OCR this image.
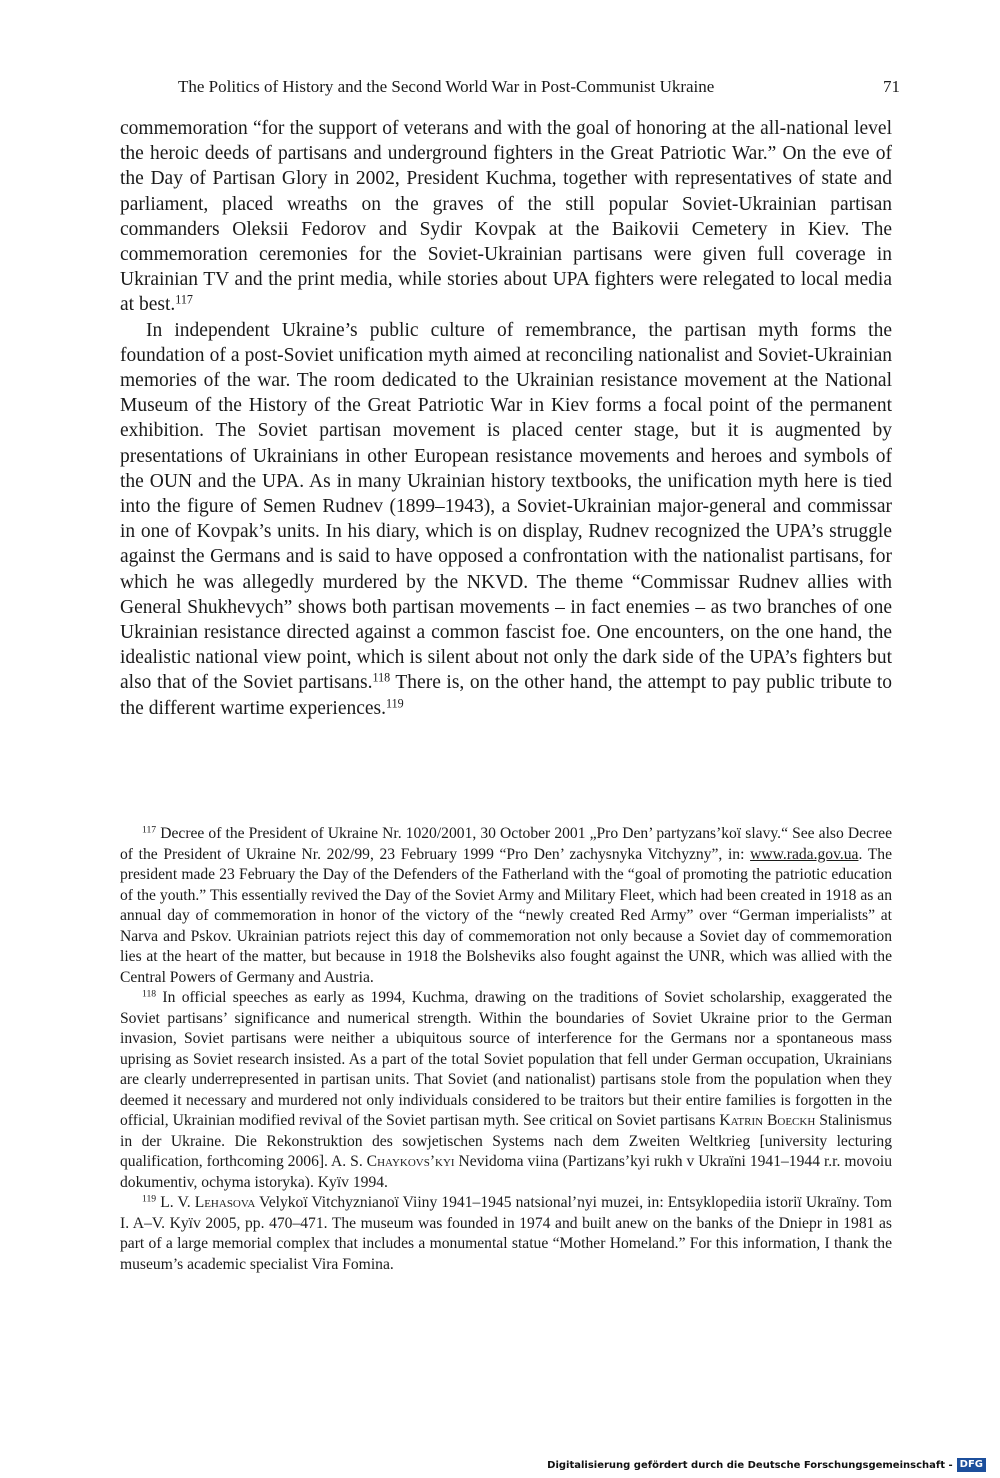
The Politics of History and the Second World War in Post-Communist Ukraine	71

commemoration “for the support of veterans and with the goal of honoring at the all-national level the heroic deeds of partisans and underground fighters in the Great Patriotic War.” On the eve of the Day of Partisan Glory in 2002, President Kuchma, together with representatives of state and parliament, placed wreaths on the graves of the still popular Soviet-Ukrainian partisan commanders Oleksii Fedorov and Sydir Kovpak at the Baikovii Cemetery in Kiev. The commemoration ceremonies for the Soviet-Ukrainian partisans were given full coverage in Ukrainian TV and the print media, while stories about UPA fighters were relegated to local media at best.$^{117}$

In independent Ukraine’s public culture of remembrance, the partisan myth forms the foundation of a post-Soviet unification myth aimed at reconciling nationalist and Soviet-Ukrainian memories of the war. The room dedicated to the Ukrainian resistance movement at the National Museum of the History of the Great Patriotic War in Kiev forms a focal point of the permanent exhibition. The Soviet partisan movement is placed center stage, but it is augmented by presentations of Ukrainians in other European resistance movements and heroes and symbols of the OUN and the UPA. As in many Ukrainian history textbooks, the unification myth here is tied into the figure of Semen Rudnev (1899–1943), a Soviet-Ukrainian major-general and commissar in one of Kovpak’s units. In his diary, which is on display, Rudnev recognized the UPA’s struggle against the Germans and is said to have opposed a confrontation with the nationalist partisans, for which he was allegedly murdered by the NKVD. The theme “Commissar Rudnev allies with General Shukhevych” shows both partisan movements – in fact enemies – as two branches of one Ukrainian resistance directed against a common fascist foe. One encounters, on the one hand, the idealistic national view point, which is silent about not only the dark side of the UPA’s fighters but also that of the Soviet partisans.$^{118}$ There is, on the other hand, the attempt to pay public tribute to the different wartime experiences.$^{119}$

$^{117}$ Decree of the President of Ukraine Nr. 1020/2001, 30 October 2001 „Pro Den’ partyzans’koï slavy.“ See also Decree of the President of Ukraine Nr. 202/99, 23 February 1999 “Pro Den’ zachysnyka Vitchyzny”, in: www.rada.gov.ua. The president made 23 February the Day of the Defenders of the Fatherland with the “goal of promoting the patriotic education of the youth.” This essentially revived the Day of the Soviet Army and Military Fleet, which had been created in 1918 as an annual day of commemoration in honor of the victory of the “newly created Red Army” over “German imperialists” at Narva and Pskov. Ukrainian patriots reject this day of commemoration not only because a Soviet day of commemoration lies at the heart of the matter, but because in 1918 the Bolsheviks also fought against the UNR, which was allied with the Central Powers of Germany and Austria.

$^{118}$ In official speeches as early as 1994, Kuchma, drawing on the traditions of Soviet scholarship, exaggerated the Soviet partisans’ significance and numerical strength. Within the boundaries of Soviet Ukraine prior to the German invasion, Soviet partisans were neither a ubiquitous source of interference for the Germans nor a spontaneous mass uprising as Soviet research insisted. As a part of the total Soviet population that fell under German occupation, Ukrainians are clearly underrepresented in partisan units. That Soviet (and nationalist) partisans stole from the population when they deemed it necessary and murdered not only individuals considered to be traitors but their entire families is forgotten in the official, Ukrainian modified revival of the Soviet partisan myth. See critical on Soviet partisans Katrin Boeckh Stalinismus in der Ukraine. Die Rekonstruktion des sowjetischen Systems nach dem Zweiten Weltkrieg [university lecturing qualification, forthcoming 2006]. A. S. Chaykovs’kyi Nevidoma viina (Partizans’kyi rukh v Ukraïni 1941–1944 r.r. movoiu dokumentiv, ochyma istoryka). Kyïv 1994.

$^{119}$ L. V. Lehasova Velykoï Vitchyznianoï Viiny 1941–1945 natsional’nyi muzei, in: Entsyklopediia istoriï Ukraïny. Tom I. A–V. Kyïv 2005, pp. 470–471. The museum was founded in 1974 and built anew on the banks of the Dniepr in 1981 as part of a large memorial complex that includes a monumental statue “Mother Homeland.” For this information, I thank the museum’s academic specialist Vira Fomina.

Digitalisierung gefördert durch die Deutsche Forschungsgemeinschaft - DFG
